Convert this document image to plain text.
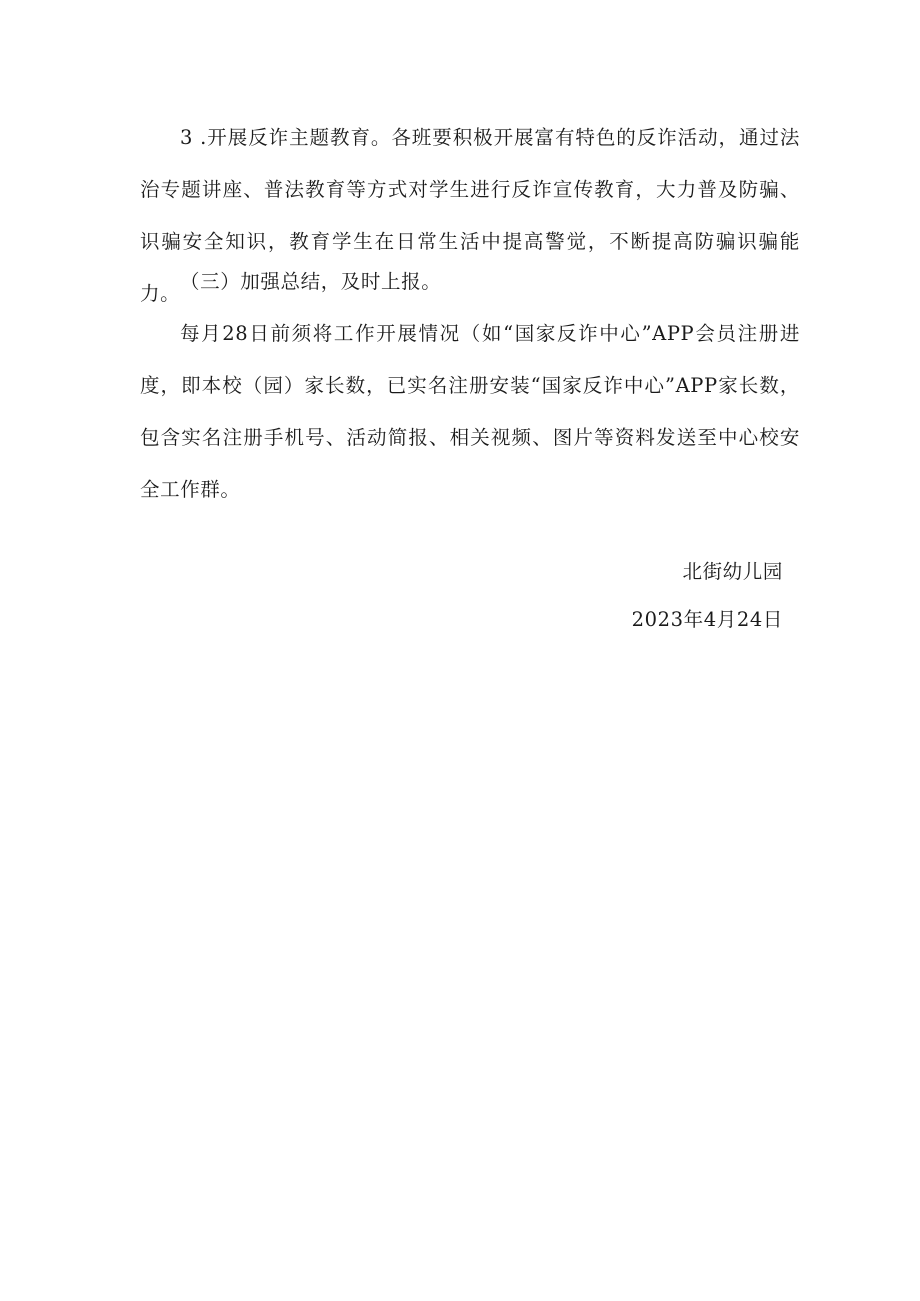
3 .开展反诈主题教育。各班要积极开展富有特色的反诈活动，通过法治专题讲座、普法教育等方式对学生进行反诈宣传教育，大力普及防骗、识骗安全知识，教育学生在日常生活中提高警觉，不断提高防骗识骗能力。

（三）加强总结，及时上报。

每月28日前须将工作开展情况（如“国家反诈中心”APP会员注册进度，即本校（园）家长数，已实名注册安装“国家反诈中心”APP家长数，包含实名注册手机号、活动简报、相关视频、图片等资料发送至中心校安全工作群。

北街幼儿园

2023年4月24日
